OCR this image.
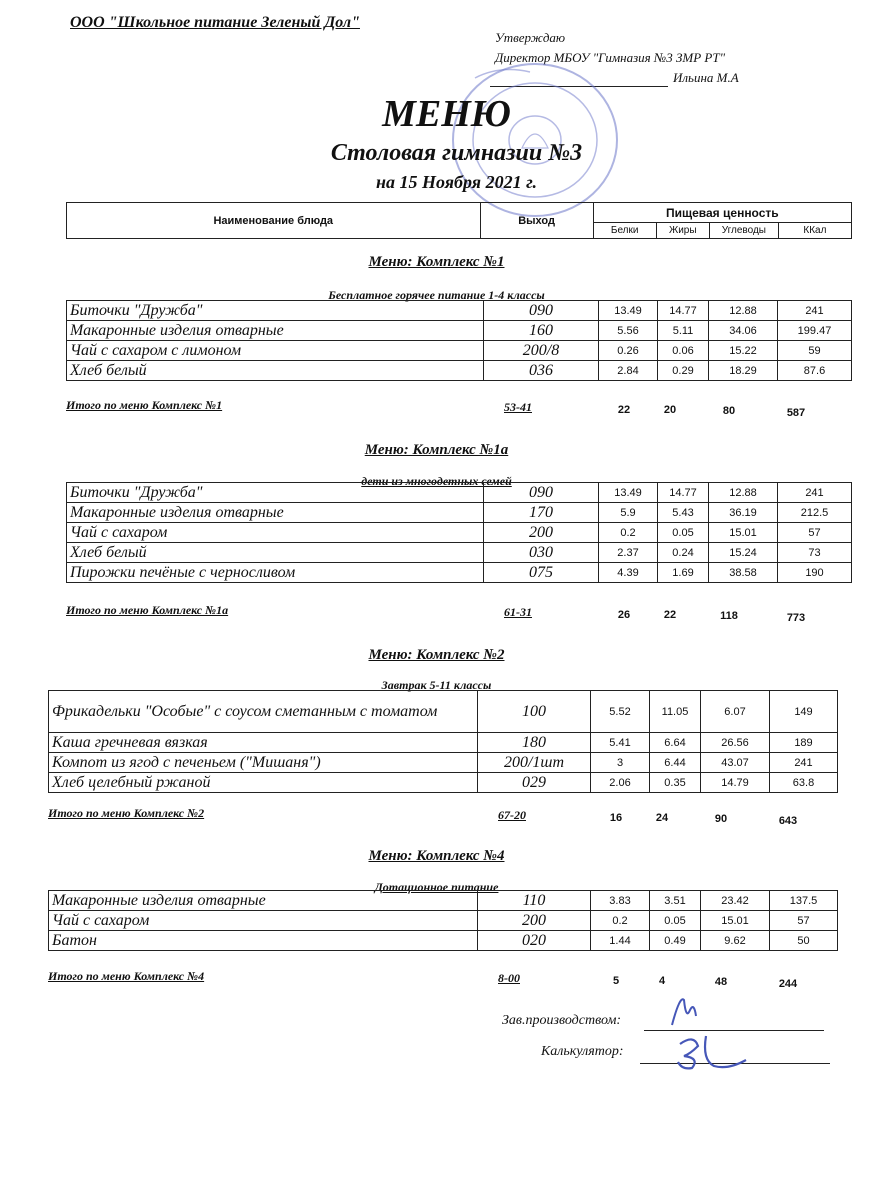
ООО "Школьное питание Зеленый Дол"
Утверждаю
Директор МБОУ "Гимназия №3 ЗМР РТ"
Ильина М.А
МЕНЮ
Столовая гимназии №3
на 15 Ноября 2021 г.
Наименование блюда	Выход	Пищевая ценность			
		Белки	Жиры	Углеводы	ККал
Меню: Комплекс №1
Бесплатное горячее питание 1-4 классы
Биточки "Дружба"	090	13.49	14.77	12.88	241
Макаронные изделия отварные	160	5.56	5.11	34.06	199.47
Чай с сахаром с лимоном	200/8	0.26	0.06	15.22	59
Хлеб белый	036	2.84	0.29	18.29	87.6
Итого по меню Комплекс №1	53-41	22	20	80	587
Меню: Комплекс №1а
дети из многодетных семей
Биточки "Дружба"	090	13.49	14.77	12.88	241
Макаронные изделия отварные	170	5.9	5.43	36.19	212.5
Чай с сахаром	200	0.2	0.05	15.01	57
Хлеб белый	030	2.37	0.24	15.24	73
Пирожки печёные с черносливом	075	4.39	1.69	38.58	190
Итого по меню Комплекс №1а	61-31	26	22	118	773
Меню: Комплекс №2
Завтрак 5-11 классы
Фрикадельки "Особые" с соусом сметанным с томатом	100	5.52	11.05	6.07	149
Каша гречневая вязкая	180	5.41	6.64	26.56	189
Компот из ягод с печеньем ("Мишаня")	200/1шт	3	6.44	43.07	241
Хлеб целебный ржаной	029	2.06	0.35	14.79	63.8
Итого по меню Комплекс №2	67-20	16	24	90	643
Меню: Комплекс №4
Дотационное питание
Макаронные изделия отварные	110	3.83	3.51	23.42	137.5
Чай с сахаром	200	0.2	0.05	15.01	57
Батон	020	1.44	0.49	9.62	50
Итого по меню Комплекс №4	8-00	5	4	48	244
Зав.производством:
Калькулятор:
